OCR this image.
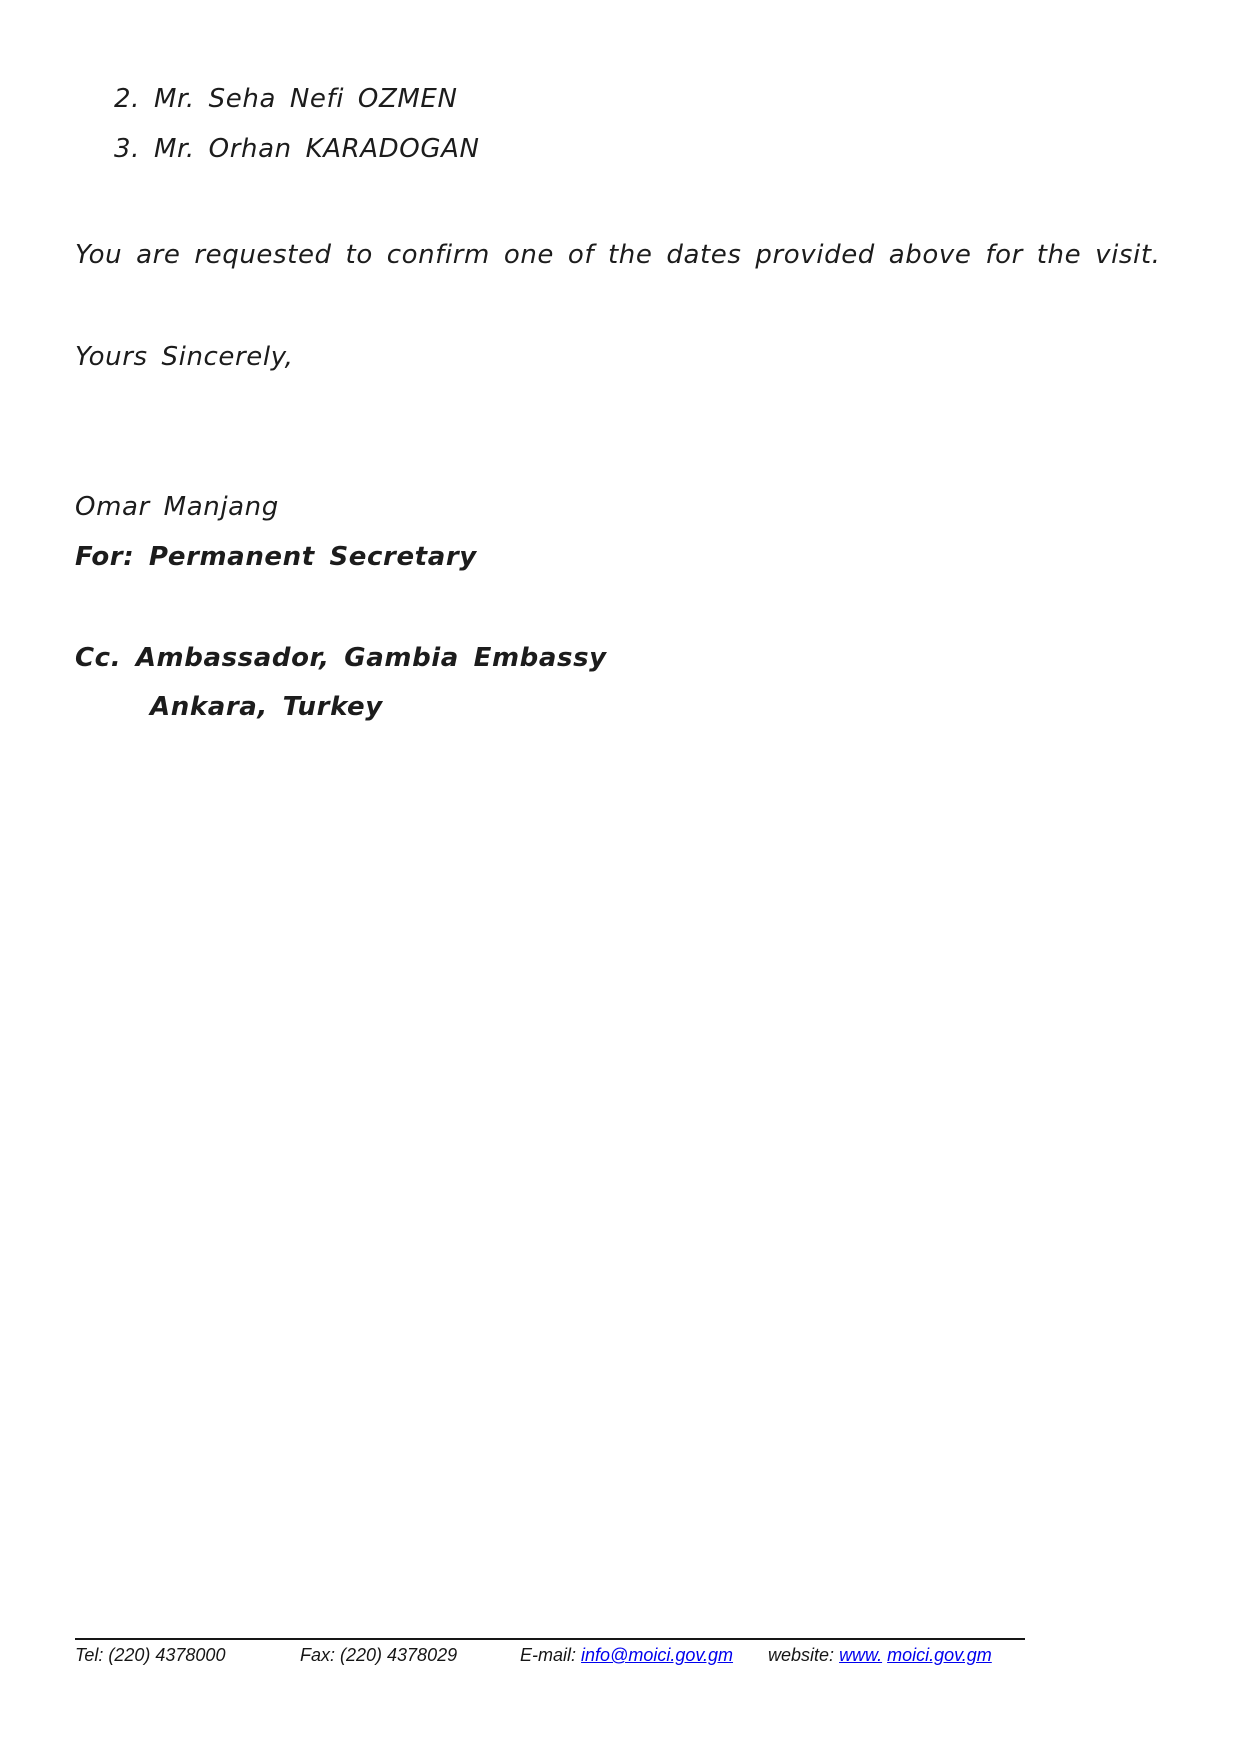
2. Mr. Seha Nefi OZMEN
3. Mr. Orhan KARADOGAN
You are requested to confirm one of the dates provided above for the visit.
Yours Sincerely,
Omar Manjang
For: Permanent Secretary
Cc. Ambassador, Gambia Embassy
Ankara, Turkey
Tel: (220) 4378000	Fax: (220) 4378029	E-mail: info@moici.gov.gm website: www. moici.gov.gm
